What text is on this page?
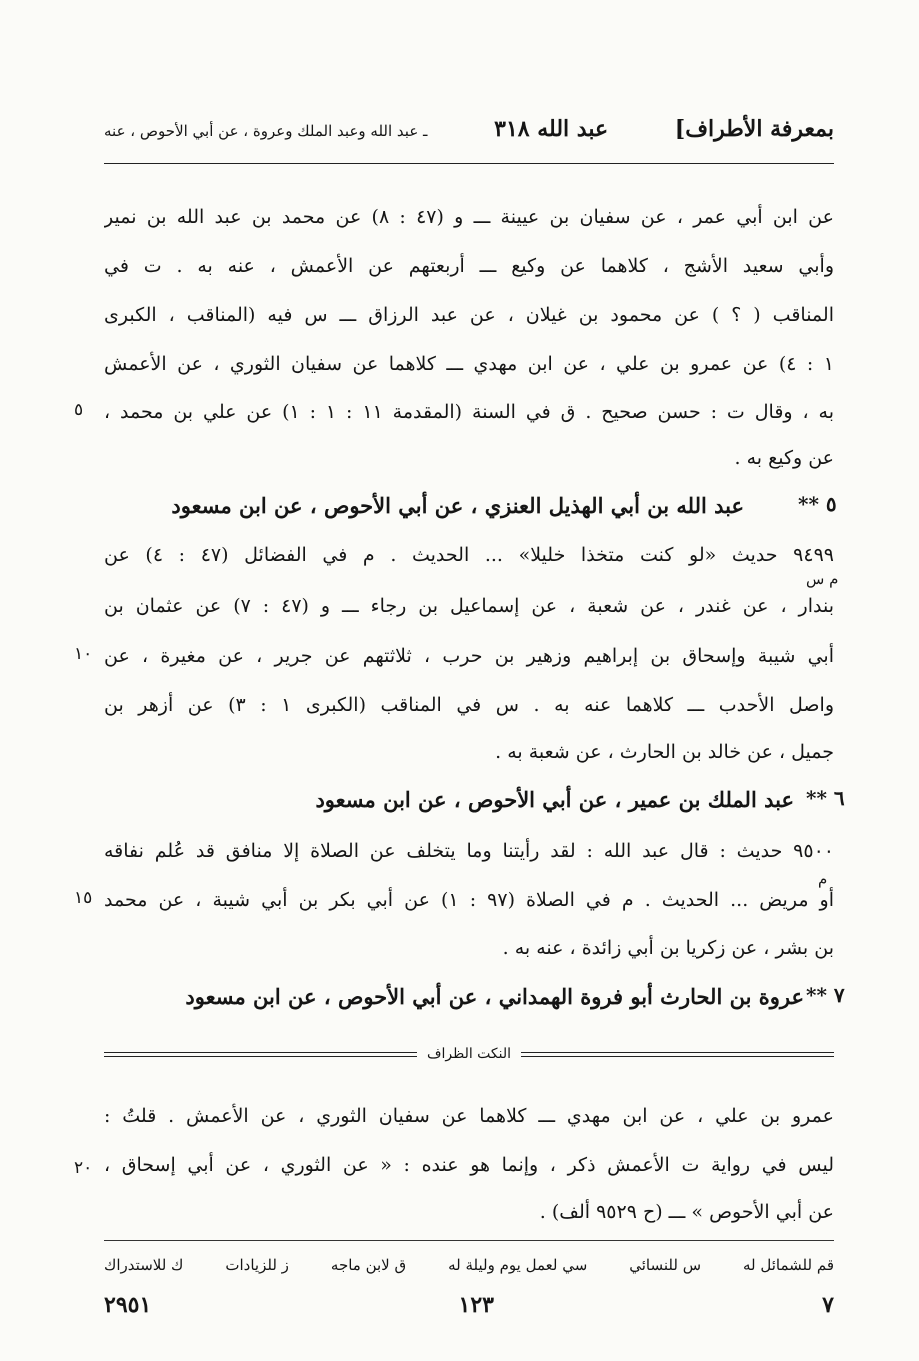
بمعرفة الأطراف]
عبد الله ٣١٨
ـ عبد الله وعبد الملك وعروة ، عن أبي الأحوص ، عنه
عن ابن أبي عمر ، عن سفيان بن عيينة ـــ و (٤٧ : ٨) عن محمد بن عبد الله بن نمير
وأبي سعيد الأشج ، كلاهما عن وكيع ـــ أربعتهم عن الأعمش ، عنه به . ت في
المناقب ( ؟ ) عن محمود بن غيلان ، عن عبد الرزاق ـــ س فيه (المناقب ، الكبرى
١ : ٤) عن عمرو بن علي ، عن ابن مهدي ـــ كلاهما عن سفيان الثوري ، عن الأعمش
به ، وقال ت : حسن صحيح . ق في السنة (المقدمة ١١ : ١ : ١) عن علي بن محمد ،
عن وكيع به .
عبد الله بن أبي الهذيل العنزي ، عن أبي الأحوص ، عن ابن مسعود	٥ **
٩٤٩٩ حديث «لو كنت متخذا خليلا» ... الحديث . م في الفضائل (٤٧ : ٤) عن
بندار ، عن غندر ، عن شعبة ، عن إسماعيل بن رجاء ـــ و (٤٧ : ٧) عن عثمان بن
أبي شيبة وإسحاق بن إبراهيم وزهير بن حرب ، ثلاثتهم عن جرير ، عن مغيرة ، عن
واصل الأحدب ـــ كلاهما عنه به . س في المناقب (الكبرى ١ : ٣) عن أزهر بن
جميل ، عن خالد بن الحارث ، عن شعبة به .
م س
عبد الملك بن عمير ، عن أبي الأحوص ، عن ابن مسعود ٦ **
٩٥٠٠ حديث : قال عبد الله : لقد رأيتنا وما يتخلف عن الصلاة إلا منافق قد عُلم نفاقه
أو مريض ... الحديث . م في الصلاة (٩٧ : ١) عن أبي بكر بن أبي شيبة ، عن محمد
بن بشر ، عن زكريا بن أبي زائدة ، عنه به .
م
عروة بن الحارث أبو فروة الهمداني ، عن أبي الأحوص ، عن ابن مسعود ٧ **
٥
١٠
١٥
٢٠
النكت الظراف
عمرو بن علي ، عن ابن مهدي ـــ كلاهما عن سفيان الثوري ، عن الأعمش . قلتُ :
ليس في رواية ت الأعمش ذكر ، وإنما هو عنده : « عن الثوري ، عن أبي إسحاق ،
عن أبي الأحوص » ـــ (ح ٩٥٢٩ ألف) .
قم للشمائل له
س للنسائي
سي لعمل يوم وليلة له
ق لابن ماجه
ز للزيادات
ك للاستدراك
٧
١٢٣
٢٩٥١
